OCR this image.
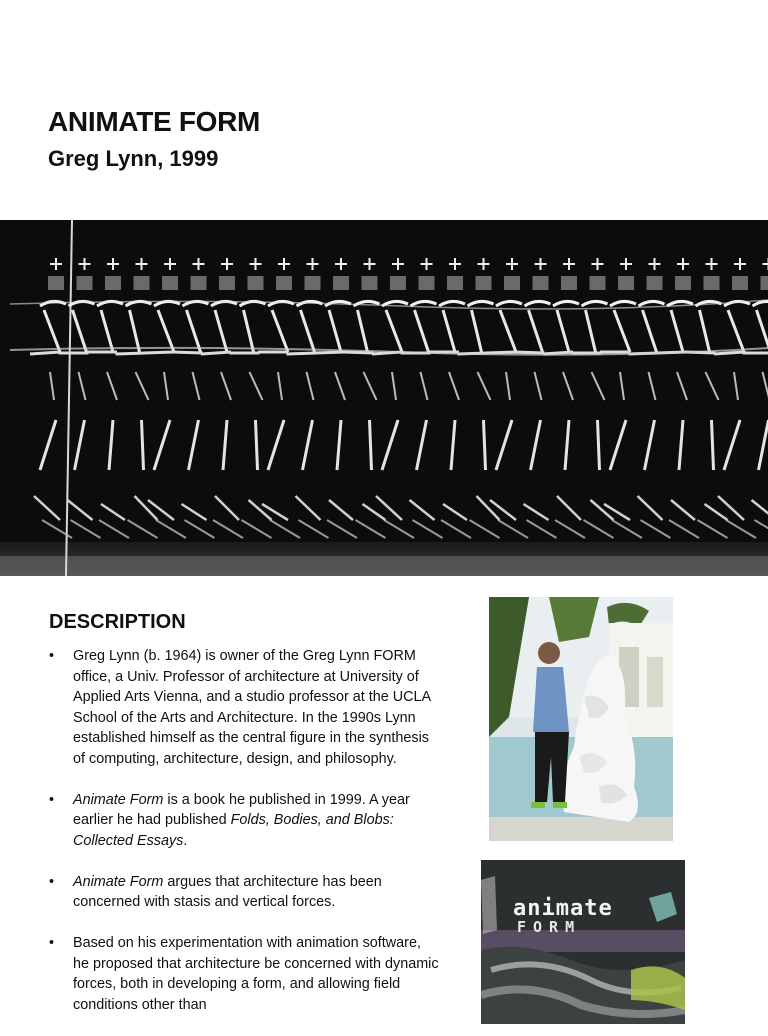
ANIMATE FORM
Greg Lynn, 1999
DESCRIPTION
• Greg Lynn (b. 1964) is owner of the Greg Lynn FORM office, a Univ. Professor of architecture at University of Applied Arts Vienna, and a studio professor at the UCLA School of the Arts and Architecture. In the 1990s Lynn established himself as the central figure in the synthesis of computing, architecture, design, and philosophy.
• Animate Form is a book he published in 1999. A year earlier he had published Folds, Bodies, and Blobs: Collected Essays.
• Animate Form argues that architecture has been concerned with stasis and vertical forces.
• Based on his experimentation with animation software, he proposed that architecture be concerned with dynamic forces, both in developing a form, and allowing field conditions other than
animate
FORM
